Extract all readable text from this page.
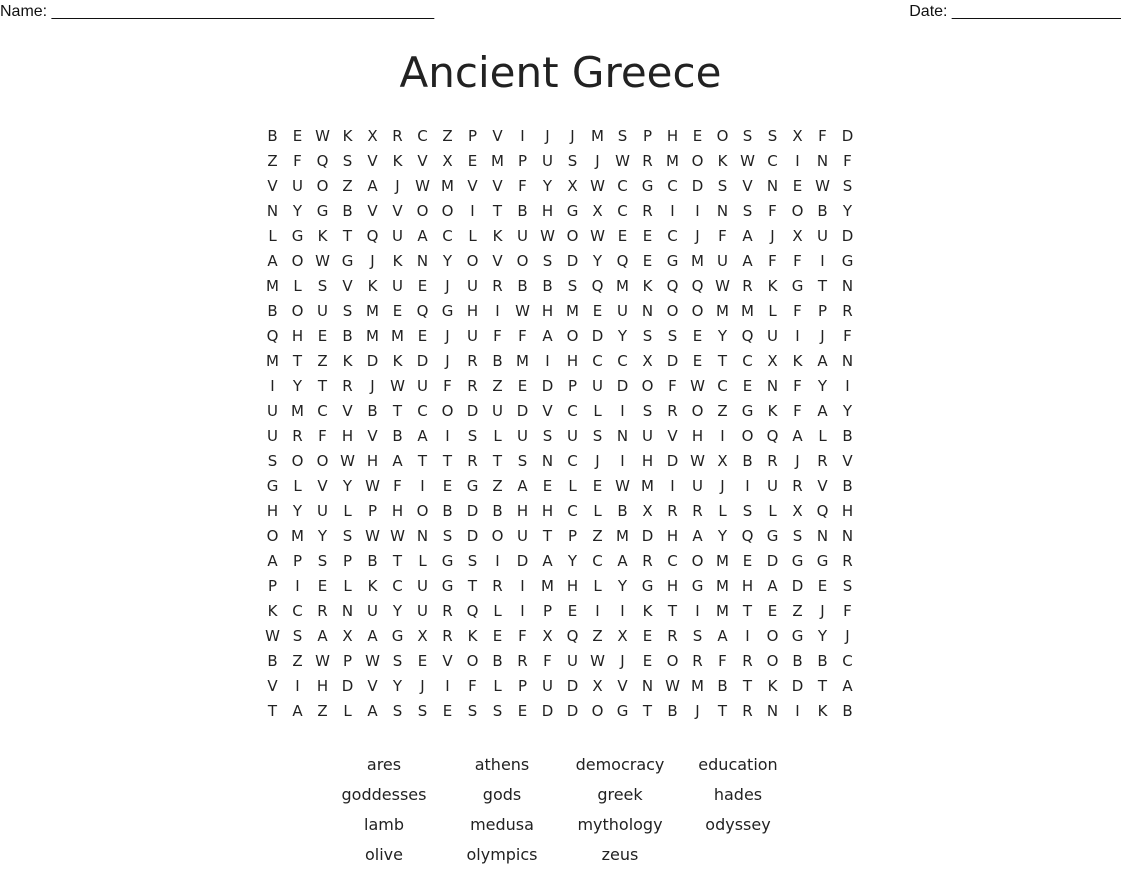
Name: ___________________________________________	Date: ___________________
Ancient Greece
B	E W K X R C Z	P	V	I	J	J	M S	P H E O S	S	X	F D
Z	F Q S	V K V X	E M P U S	J	W R M O K W C	I	N	F
V U O Z A	J	W M V V	F	Y	X W C G C D S	V N E W S
N Y G B V V O O	I	T	B H G X C R	I	I	N S	F O B	Y
L	G K	T Q U A C	L	K U W O W E	E	C	J	F	A	J	X U D
A O W G	J	K N Y O V O S D Y Q E G M U A	F	F	I	G
M L	S	V K U E	J	U R B B	S Q M K Q Q W R K G T N
B O U S M E Q G H	I	W H M E U N O O M M L	F	P	R
Q H E	B M M E	J	U	F	F	A O D Y	S	S	E	Y Q U	I	J	F
M T	Z K D K D	J	R B M	I	H C C X D E	T	C X K A N
I	Y	T	R	J	W U	F	R Z	E D P U D O F W C	E N	F	Y	I
U M C V B	T	C O D U D V C	L	I	S	R O Z G K	F	A	Y
U R	F	H V B A	I	S	L	U S U S N U V H	I	O Q A	L	B
S O O W H A	T	T	R	T	S N C	J	I	H D W X B R	J	R V
G	L	V	Y W F	I	E G Z A	E	L	E W M	I	U	J	I	U R V B
H Y U	L	P H O B D B H H C	L	B X R R	L	S	L	X Q H
O M Y	S W W N S D O U T	P	Z M D H A	Y Q G S N N
A	P	S	P	B	T	L	G S	I	D A	Y	C A R C O M E D G G R
P	I	E	L	K C U G T	R	I	M H	L	Y G H G M H A D E	S
K C R N U Y U R Q L	I	P	E	I	I	K	T	I	M T	E	Z	J	F
W S	A X A G X R K	E	F	X Q Z X	E	R	S	A	I	O G Y	J
B Z W P W S	E	V O B R	F	U W	J	E O R	F	R O B B C
V	I	H D V	Y	J	I	F	L	P U D X V N W M B	T	K D T	A
T	A Z	L	A	S	S	E	S	S	E D D O G T	B	J	T	R N	I	K B
ares	athens	democracy	education
goddesses	gods	greek	hades
lamb	medusa	mythology	odyssey
olive	olympics	zeus
